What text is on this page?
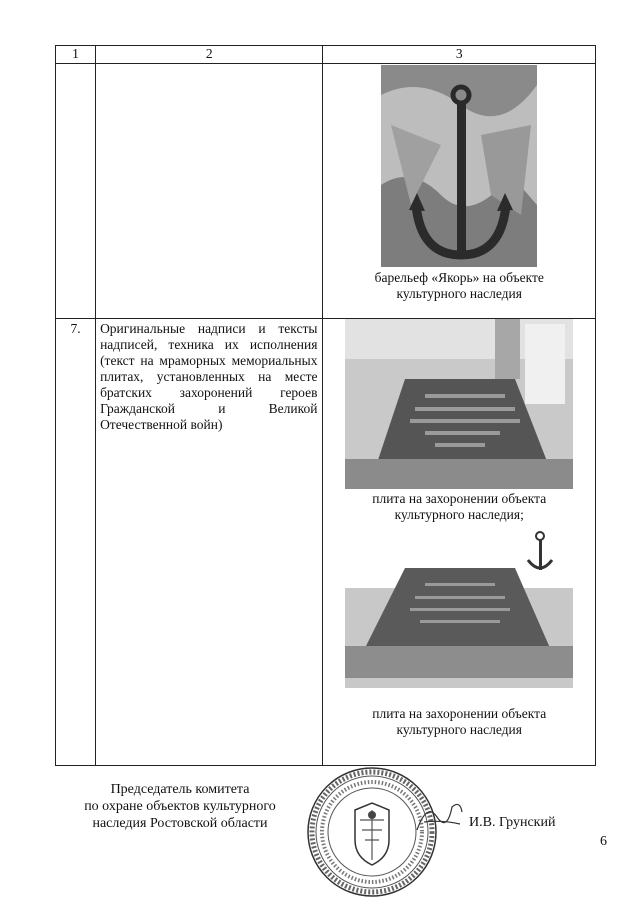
1	2	3

		барельеф «Якорь» на объекте культурного наследия

7.	Оригинальные надписи и тексты надписей, техника их исполнения (текст на мраморных мемориальных плитах, установленных на месте братских захоронений героев Гражданской и Великой Отечественной войн)	плита на захоронении объекта культурного наследия;
плита на захоронении объекта культурного наследия
Председатель комитета
по охране объектов культурного
наследия Ростовской области	И.В. Грунский
6
